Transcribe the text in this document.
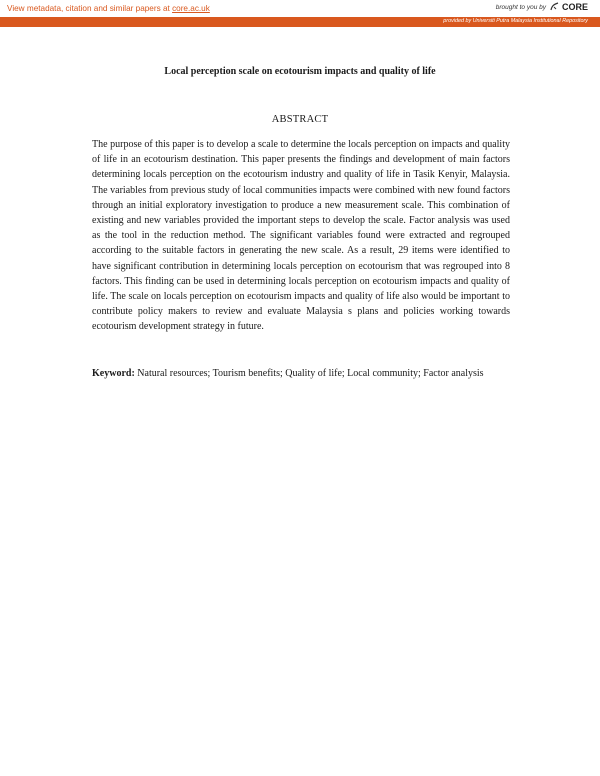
View metadata, citation and similar papers at core.ac.uk	brought to you by CORE
provided by Universiti Putra Malaysia Institutional Repository
Local perception scale on ecotourism impacts and quality of life
ABSTRACT
The purpose of this paper is to develop a scale to determine the locals perception on impacts and quality of life in an ecotourism destination. This paper presents the findings and development of main factors determining locals perception on the ecotourism industry and quality of life in Tasik Kenyir, Malaysia. The variables from previous study of local communities impacts were combined with new found factors through an initial exploratory investigation to produce a new measurement scale. This combination of existing and new variables provided the important steps to develop the scale. Factor analysis was used as the tool in the reduction method. The significant variables found were extracted and regrouped according to the suitable factors in generating the new scale. As a result, 29 items were identified to have significant contribution in determining locals perception on ecotourism that was regrouped into 8 factors. This finding can be used in determining locals perception on ecotourism impacts and quality of life. The scale on locals perception on ecotourism impacts and quality of life also would be important to contribute policy makers to review and evaluate Malaysia s plans and policies working towards ecotourism development strategy in future.
Keyword: Natural resources; Tourism benefits; Quality of life; Local community; Factor analysis
